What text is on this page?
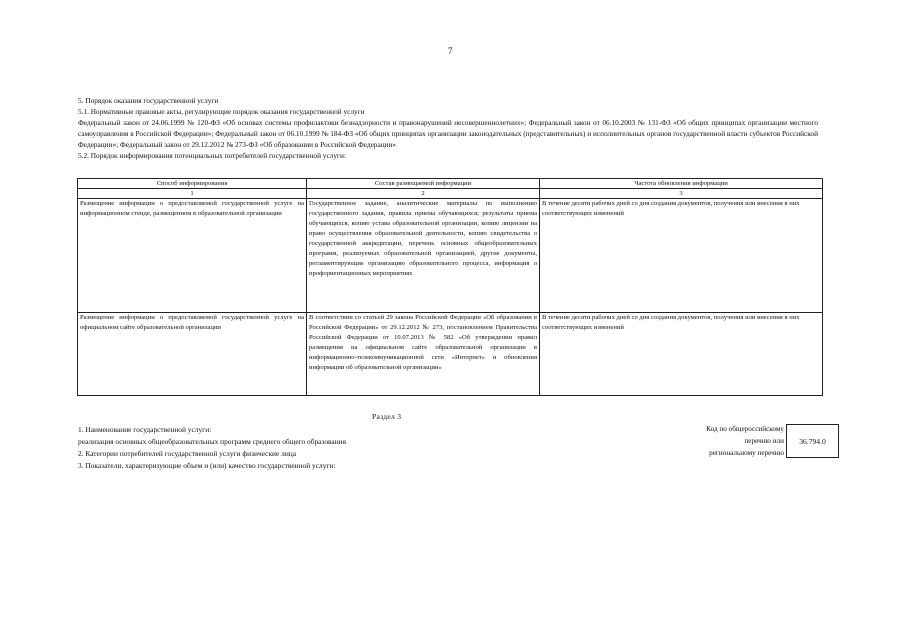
7

5. Порядок оказания государственной услуги

5.1. Нормативные правовые акты, регулирующие порядок оказания государственной услуги

Федеральный закон от 24.06.1999 № 120-ФЗ «Об основах системы профилактики безнадзорности и правонарушений несовершеннолетних»; Федеральный закон от 06.10.2003 № 131-ФЗ «Об общих принципах организации местного самоуправления в Российской Федерации»; Федеральный закон от 06.10.1999 № 184-ФЗ «Об общих принципах организации законодательных (представительных) и исполнительных органов государственной власти субъектов Российской Федерации»; Федеральный закон от 29.12.2012 № 273-ФЗ «Об образовании в Российской Федерации»

5.2. Порядок информирования потенциальных потребителей государственной услуги:

Способ информирования	Состав размещаемой информации	Частота обновления информации
1	2	3
Размещение информации о предоставляемой государственной услуге на информационном стенде, размещенном в образовательной организации	Государственное задание, аналитические материалы по выполнению государственного задания, правила приема обучающихся; результаты приема обучающихся, копию устава образовательной организации, копию лицензии на право осуществления образовательной деятельности, копию свидетельства о государственной аккредитации, перечень основных общеобразовательных программ, реализуемых образовательной организацией, другие документы, регламентирующие организацию образовательного процесса, информация о профориентационных мероприятиях	В течение десяти рабочих дней со дня создания документов, получения или внесения в них соответствующих изменений
Размещение информации о предоставляемой государственной услуге на официальном сайте образовательной организации	В соответствии со статьей 29 закона Российской Федерации «Об образовании в Российской Федерации» от 29.12.2012 № 273, постановлением Правительства Российской Федерации от 10.07.2013 № 582 «Об утверждении правил размещения на официальном сайте образовательной организации в информационно-телекоммуникационной сети «Интернет» и обновления информации об образовательной организации»	В течение десяти рабочих дней со дня создания документов, получения или внесения в них соответствующих изменений
Раздел 3

1. Наименование государственной услуги:

реализация основных общеобразовательных программ среднего общего образования

2. Категории потребителей государственной услуги физические лица

3. Показатели, характеризующие объем и (или) качество государственной услуги:

Код по общероссийскому

перечню или

региональному перечню

36.794.0
